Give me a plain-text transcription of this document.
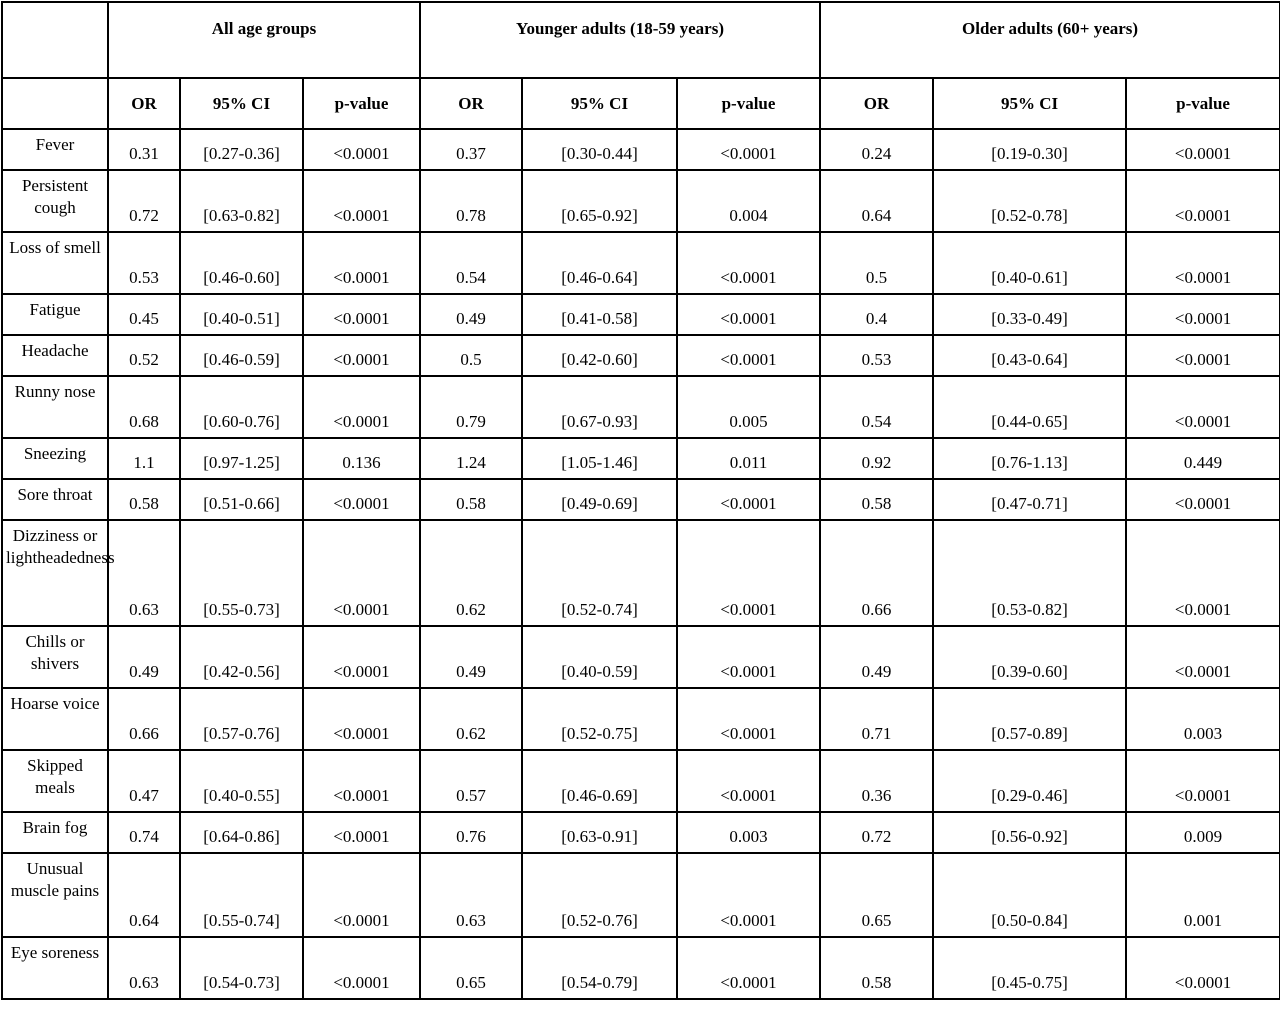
	All age groups			Younger adults (18-59 years)			Older adults (60+ years)		
	OR	95% CI	p-value	OR	95% CI	p-value	OR	95% CI	p-value
Fever	0.31	[0.27-0.36]	<0.0001	0.37	[0.30-0.44]	<0.0001	0.24	[0.19-0.30]	<0.0001
Persistent cough	0.72	[0.63-0.82]	<0.0001	0.78	[0.65-0.92]	0.004	0.64	[0.52-0.78]	<0.0001
Loss of smell	0.53	[0.46-0.60]	<0.0001	0.54	[0.46-0.64]	<0.0001	0.5	[0.40-0.61]	<0.0001
Fatigue	0.45	[0.40-0.51]	<0.0001	0.49	[0.41-0.58]	<0.0001	0.4	[0.33-0.49]	<0.0001
Headache	0.52	[0.46-0.59]	<0.0001	0.5	[0.42-0.60]	<0.0001	0.53	[0.43-0.64]	<0.0001
Runny nose	0.68	[0.60-0.76]	<0.0001	0.79	[0.67-0.93]	0.005	0.54	[0.44-0.65]	<0.0001
Sneezing	1.1	[0.97-1.25]	0.136	1.24	[1.05-1.46]	0.011	0.92	[0.76-1.13]	0.449
Sore throat	0.58	[0.51-0.66]	<0.0001	0.58	[0.49-0.69]	<0.0001	0.58	[0.47-0.71]	<0.0001
Dizziness or lightheadedness	0.63	[0.55-0.73]	<0.0001	0.62	[0.52-0.74]	<0.0001	0.66	[0.53-0.82]	<0.0001
Chills or shivers	0.49	[0.42-0.56]	<0.0001	0.49	[0.40-0.59]	<0.0001	0.49	[0.39-0.60]	<0.0001
Hoarse voice	0.66	[0.57-0.76]	<0.0001	0.62	[0.52-0.75]	<0.0001	0.71	[0.57-0.89]	0.003
Skipped meals	0.47	[0.40-0.55]	<0.0001	0.57	[0.46-0.69]	<0.0001	0.36	[0.29-0.46]	<0.0001
Brain fog	0.74	[0.64-0.86]	<0.0001	0.76	[0.63-0.91]	0.003	0.72	[0.56-0.92]	0.009
Unusual muscle pains	0.64	[0.55-0.74]	<0.0001	0.63	[0.52-0.76]	<0.0001	0.65	[0.50-0.84]	0.001
Eye soreness	0.63	[0.54-0.73]	<0.0001	0.65	[0.54-0.79]	<0.0001	0.58	[0.45-0.75]	<0.0001
